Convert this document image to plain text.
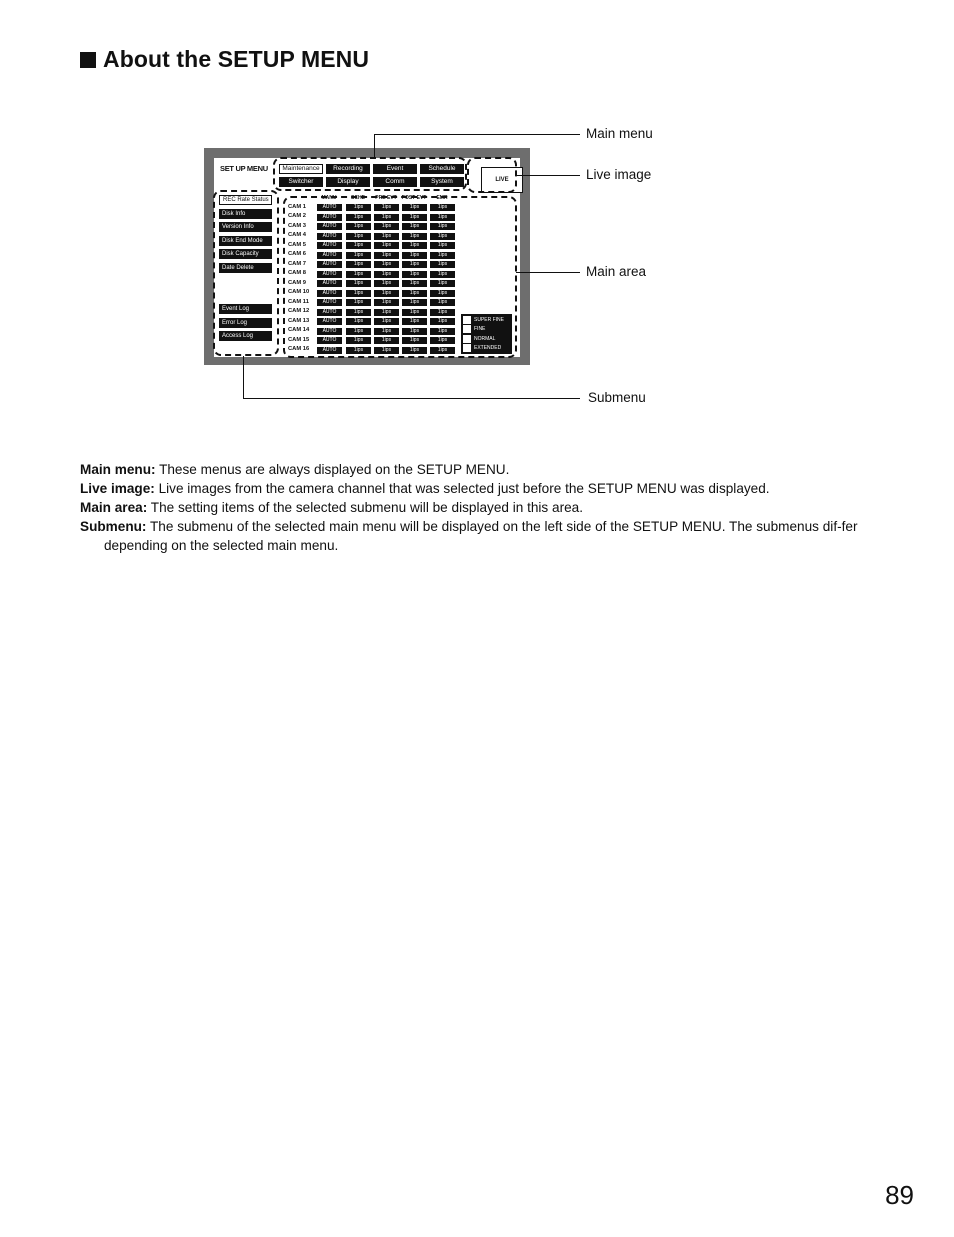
About the SETUP MENU
SET UP MENU	Maintenance	Recording	Event	Schedule
Switcher	Display	Comm	System	LIVE
REC Rate Status
Disk Info
Version Info
Disk End Mode
Disk Capacity
Date Delete
Event Log
Error Log
Access Log
MANU	SCHE	PRE EVT POST EVT	EMR
CAM 1	AUTO	1ips	1ips	1ips	1ips
CAM 2	AUTO	1ips	1ips	1ips	1ips
CAM 3	AUTO	1ips	1ips	1ips	1ips
CAM 4	AUTO	1ips	1ips	1ips	1ips
CAM 5	AUTO	1ips	1ips	1ips	1ips
CAM 6	AUTO	1ips	1ips	1ips	1ips
CAM 7	AUTO	1ips	1ips	1ips	1ips
CAM 8	AUTO	1ips	1ips	1ips	1ips
CAM 9	AUTO	1ips	1ips	1ips	1ips
CAM 10	AUTO	1ips	1ips	1ips	1ips
CAM 11	AUTO	1ips	1ips	1ips	1ips
CAM 12	AUTO	1ips	1ips	1ips	1ips
CAM 13	AUTO	1ips	1ips	1ips	1ips
CAM 14	AUTO	1ips	1ips	1ips	1ips
CAM 15	AUTO	1ips	1ips	1ips	1ips
CAM 16	AUTO	1ips	1ips	1ips	1ips
SUPER FINE
FINE
NORMAL
EXTENDED
Main menu
Live image
Main area
Submenu

Main menu: These menus are always displayed on the SETUP MENU.

Live image: Live images from the camera channel that was selected just before the SETUP MENU was displayed.

Main area: The setting items of the selected submenu will be displayed in this area.

Submenu: The submenu of the selected main menu will be displayed on the left side of the SETUP MENU. The submenus dif-fer depending on the selected main menu.

89
